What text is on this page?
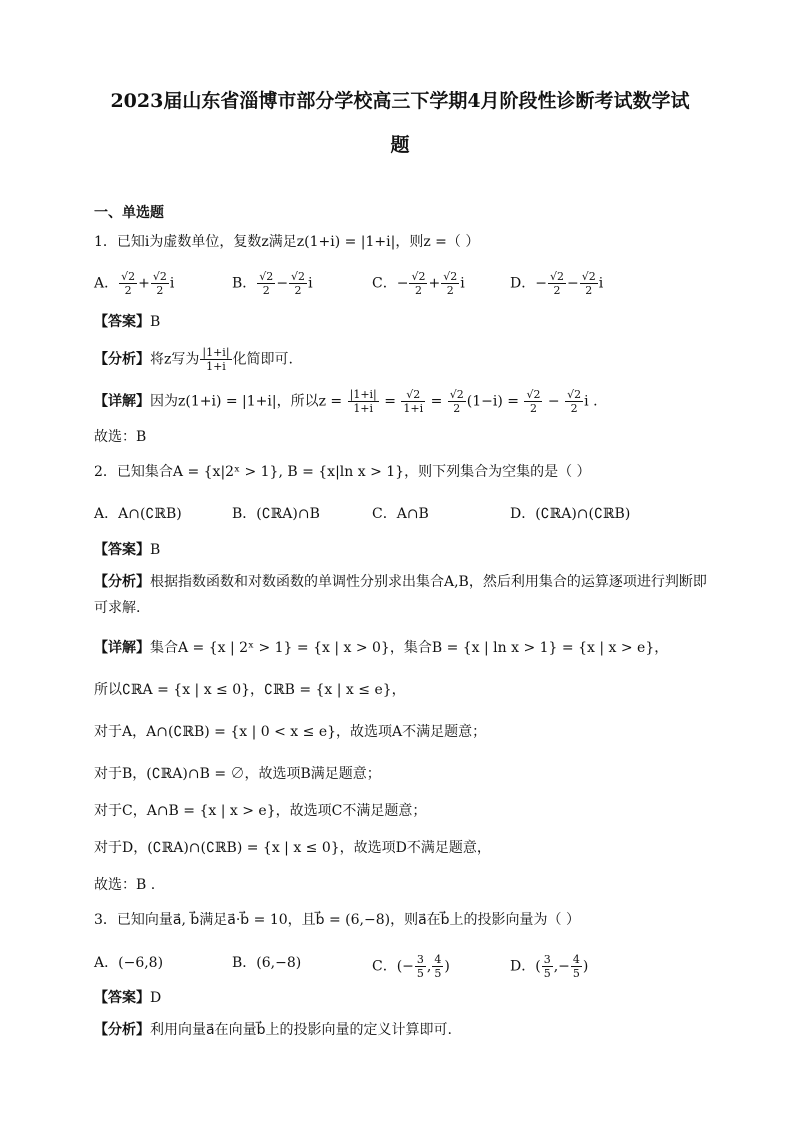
2023届山东省淄博市部分学校高三下学期4月阶段性诊断考试数学试
题
一、单选题
1．已知i为虚数单位，复数z满足z(1+i) = |1+i|，则z =（ ）
A． $\frac{√2}{2} + \frac{√2}{2}$ i	B． $\frac{√2}{2} - \frac{√2}{2}$ i	C．− $\frac{√2}{2} + \frac{√2}{2}$ i	D．− $\frac{√2}{2} - \frac{√2}{2}$ i
【答案】B
【分析】将z写为 $\frac{|1+i|}{1+i}$ 化简即可.
【详解】因为z(1+i) = |1+i|，所以$z = \frac{|1+i|}{1+i} = \frac{√2}{1+i} = \frac{√2}{2} (1-i) = \frac{√2}{2} - \frac{√2}{2}$ i .
故选：B
2．已知集合A = {x|2ˣ > 1}, B = {x|ln x > 1}，则下列集合为空集的是（ ）
A．A∩(∁ℝB)	B．(∁ℝA)∩B	C．A∩B	D．(∁ℝA)∩(∁ℝB)
【答案】B
【分析】根据指数函数和对数函数的单调性分别求出集合A,B，然后利用集合的运算逐项进行判断即可求解.
【详解】集合A = {x | 2ˣ > 1} = {x | x > 0}，集合B = {x | ln x > 1} = {x | x > e}，
所以∁ℝA = {x | x ≤ 0}，∁ℝB = {x | x ≤ e}，
对于A，A∩(∁ℝB) = {x | 0 < x ≤ e}，故选项A不满足题意；
对于B，(∁ℝA)∩B = ∅，故选项B满足题意；
对于C，A∩B = {x | x > e}，故选项C不满足题意；
对于D，(∁ℝA)∩(∁ℝB) = {x | x ≤ 0}，故选项D不满足题意，
故选：B .
3．已知向量a⃗, b⃗满足a⃗·b⃗ = 10，且b⃗ = (6,−8)，则a⃗在b⃗上的投影向量为（ ）
A．(−6,8)	B．(6,−8)	C．(− $\frac{3}{5}$ , $\frac{4}{5}$ )	D．( $\frac{3}{5}$ ,− $\frac{4}{5}$ )
【答案】D
【分析】利用向量a⃗在向量b⃗上的投影向量的定义计算即可.
